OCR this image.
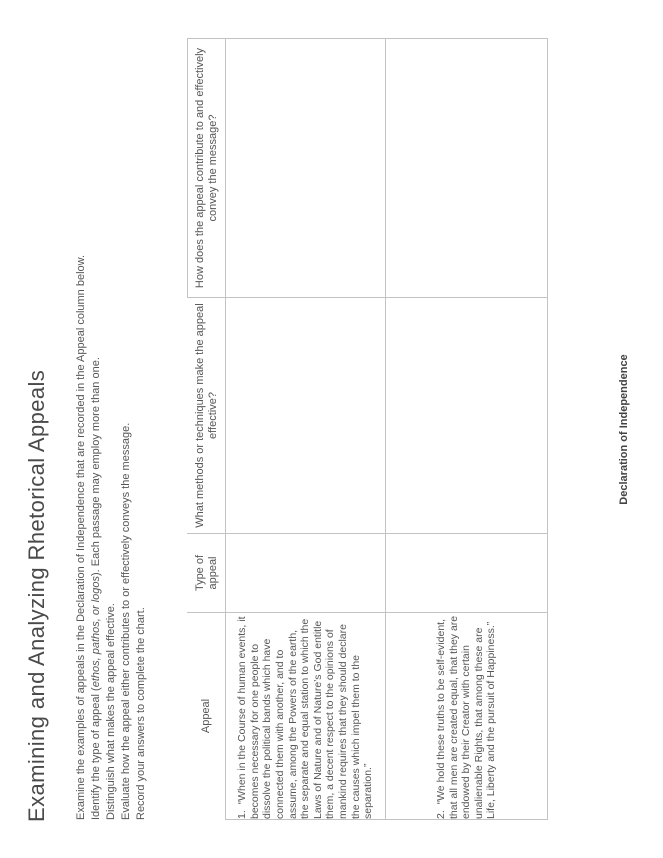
Examining and Analyzing Rhetorical Appeals Examine the examples of appeals in the Declaration of Independence that are recorded in the Appeal column below. Identify the type of appeal (ethos, pathos, or logos). Each passage may employ more than one.

Distinguish what makes the appeal effective. Evaluate how the appeal either contributes to or effectively conveys the message. Record your answers to complete the chart.	Appeal	Type of appeal	What methods or techniques make the appeal effective?	How does the appeal contribute to and effectively convey the message?
1.  “When in the Course of human events, it becomes necessary for one people to dissolve the political bands which have connected them with another, and to assume, among the Powers of the earth, the separate and equal station to which the Laws of Nature and of Nature’s God entitle them, a decent respect to the opinions of mankind requires that they should declare the causes which impel them to the separation.”			
2.  “We hold these truths to be self-evident, that all men are created equal, that they are endowed by their Creator with certain unalienable Rights, that among these are Life, Liberty and the pursuit of Happiness.”			
Declaration of Independence
